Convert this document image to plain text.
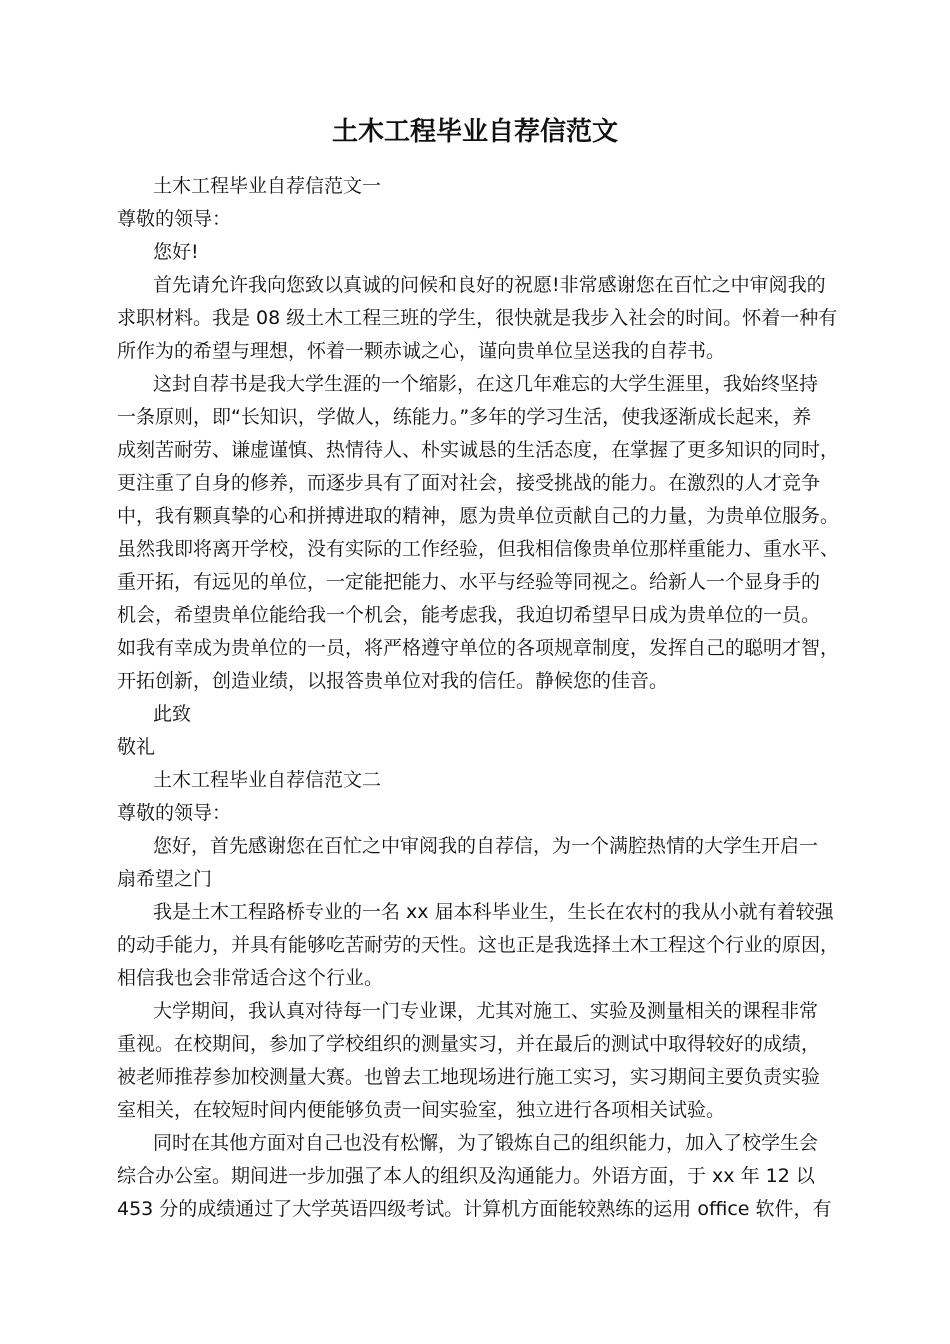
土木工程毕业自荐信范文
土木工程毕业自荐信范文一
尊敬的领导：
您好!
首先请允许我向您致以真诚的问候和良好的祝愿!非常感谢您在百忙之中审阅我的
求职材料。我是 08 级土木工程三班的学生，很快就是我步入社会的时间。怀着一种有
所作为的希望与理想，怀着一颗赤诚之心，谨向贵单位呈送我的自荐书。
这封自荐书是我大学生涯的一个缩影，在这几年难忘的大学生涯里，我始终坚持
一条原则，即“长知识，学做人，练能力。”多年的学习生活，使我逐渐成长起来，养
成刻苦耐劳、谦虚谨慎、热情待人、朴实诚恳的生活态度，在掌握了更多知识的同时，
更注重了自身的修养，而逐步具有了面对社会，接受挑战的能力。在激烈的人才竞争
中，我有颗真挚的心和拼搏进取的精神，愿为贵单位贡献自己的力量，为贵单位服务。
虽然我即将离开学校，没有实际的工作经验，但我相信像贵单位那样重能力、重水平、
重开拓，有远见的单位，一定能把能力、水平与经验等同视之。给新人一个显身手的
机会，希望贵单位能给我一个机会，能考虑我，我迫切希望早日成为贵单位的一员。
如我有幸成为贵单位的一员，将严格遵守单位的各项规章制度，发挥自己的聪明才智，
开拓创新，创造业绩，以报答贵单位对我的信任。静候您的佳音。
此致
敬礼
土木工程毕业自荐信范文二
尊敬的领导：
您好，首先感谢您在百忙之中审阅我的自荐信，为一个满腔热情的大学生开启一
扇希望之门
我是土木工程路桥专业的一名 xx 届本科毕业生，生长在农村的我从小就有着较强
的动手能力，并具有能够吃苦耐劳的天性。这也正是我选择土木工程这个行业的原因，
相信我也会非常适合这个行业。
大学期间，我认真对待每一门专业课，尤其对施工、实验及测量相关的课程非常
重视。在校期间，参加了学校组织的测量实习，并在最后的测试中取得较好的成绩，
被老师推荐参加校测量大赛。也曾去工地现场进行施工实习，实习期间主要负责实验
室相关，在较短时间内便能够负责一间实验室，独立进行各项相关试验。
同时在其他方面对自己也没有松懈，为了锻炼自己的组织能力，加入了校学生会
综合办公室。期间进一步加强了本人的组织及沟通能力。外语方面，于 xx 年 12 以
453 分的成绩通过了大学英语四级考试。计算机方面能较熟练的运用 office 软件，有
